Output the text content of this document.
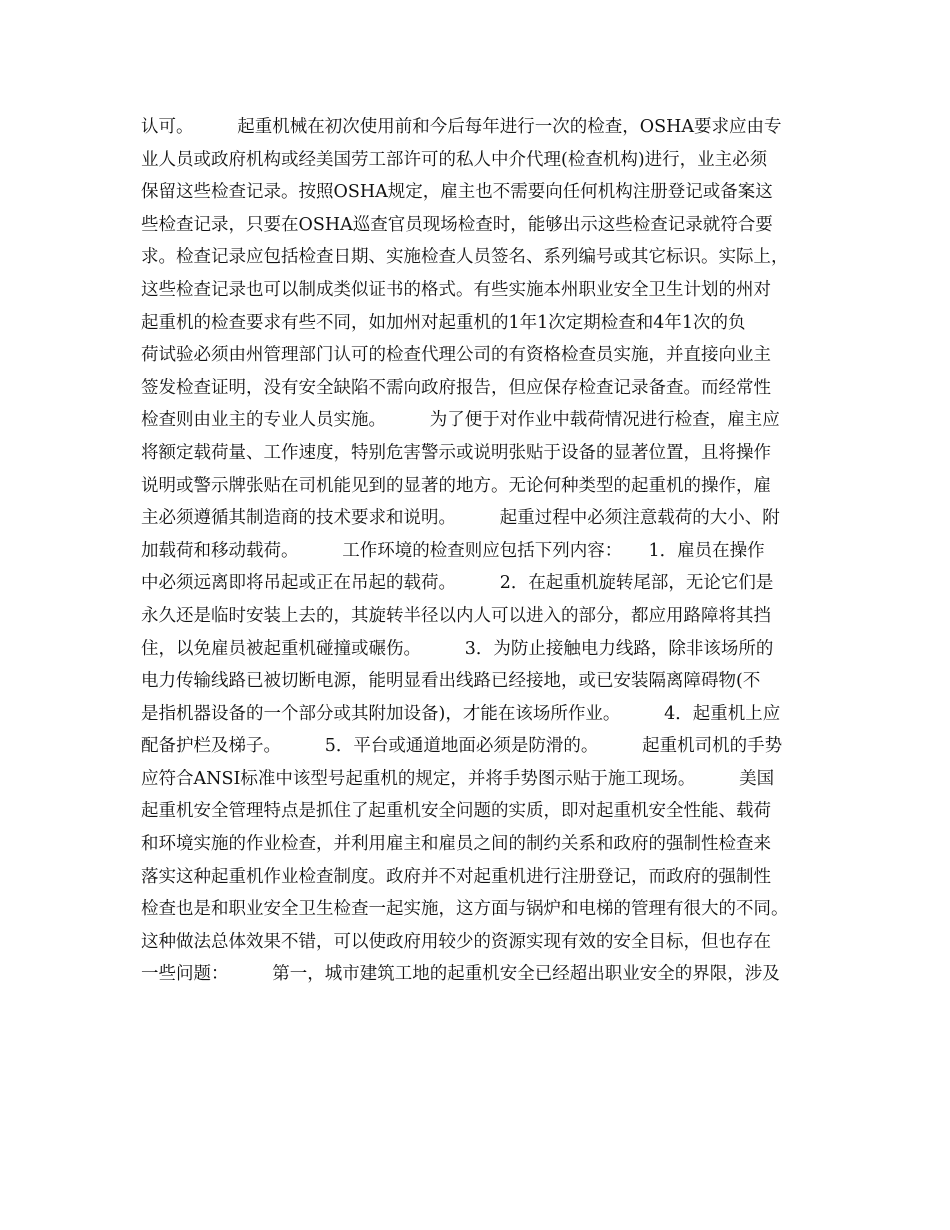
认可。　　　起重机械在初次使用前和今后每年进行一次的检查，OSHA要求应由专
业人员或政府机构或经美国劳工部许可的私人中介代理(检查机构)进行，业主必须
保留这些检查记录。按照OSHA规定，雇主也不需要向任何机构注册登记或备案这
些检查记录，只要在OSHA巡查官员现场检查时，能够出示这些检查记录就符合要
求。检查记录应包括检查日期、实施检查人员签名、系列编号或其它标识。实际上，
这些检查记录也可以制成类似证书的格式。有些实施本州职业安全卫生计划的州对
起重机的检查要求有些不同，如加州对起重机的1年1次定期检查和4年1次的负
荷试验必须由州管理部门认可的检查代理公司的有资格检查员实施，并直接向业主
签发检查证明，没有安全缺陷不需向政府报告，但应保存检查记录备查。而经常性
检查则由业主的专业人员实施。　　　为了便于对作业中载荷情况进行检查，雇主应
将额定载荷量、工作速度，特别危害警示或说明张贴于设备的显著位置，且将操作
说明或警示牌张贴在司机能见到的显著的地方。无论何种类型的起重机的操作，雇
主必须遵循其制造商的技术要求和说明。　　　起重过程中必须注意载荷的大小、附
加载荷和移动载荷。　　　工作环境的检查则应包括下列内容：　　1．雇员在操作
中必须远离即将吊起或正在吊起的载荷。　　　2．在起重机旋转尾部，无论它们是
永久还是临时安装上去的，其旋转半径以内人可以进入的部分，都应用路障将其挡
住，以免雇员被起重机碰撞或碾伤。　　　3．为防止接触电力线路，除非该场所的
电力传输线路已被切断电源，能明显看出线路已经接地，或已安装隔离障碍物(不
是指机器设备的一个部分或其附加设备)，才能在该场所作业。　　　4．起重机上应
配备护栏及梯子。　　　5．平台或通道地面必须是防滑的。　　　起重机司机的手势
应符合ANSI标准中该型号起重机的规定，并将手势图示贴于施工现场。　　　美国
起重机安全管理特点是抓住了起重机安全问题的实质，即对起重机安全性能、载荷
和环境实施的作业检查，并利用雇主和雇员之间的制约关系和政府的强制性检查来
落实这种起重机作业检查制度。政府并不对起重机进行注册登记，而政府的强制性
检查也是和职业安全卫生检查一起实施，这方面与锅炉和电梯的管理有很大的不同。
这种做法总体效果不错，可以使政府用较少的资源实现有效的安全目标，但也存在
一些问题：　　　第一，城市建筑工地的起重机安全已经超出职业安全的界限，涉及
